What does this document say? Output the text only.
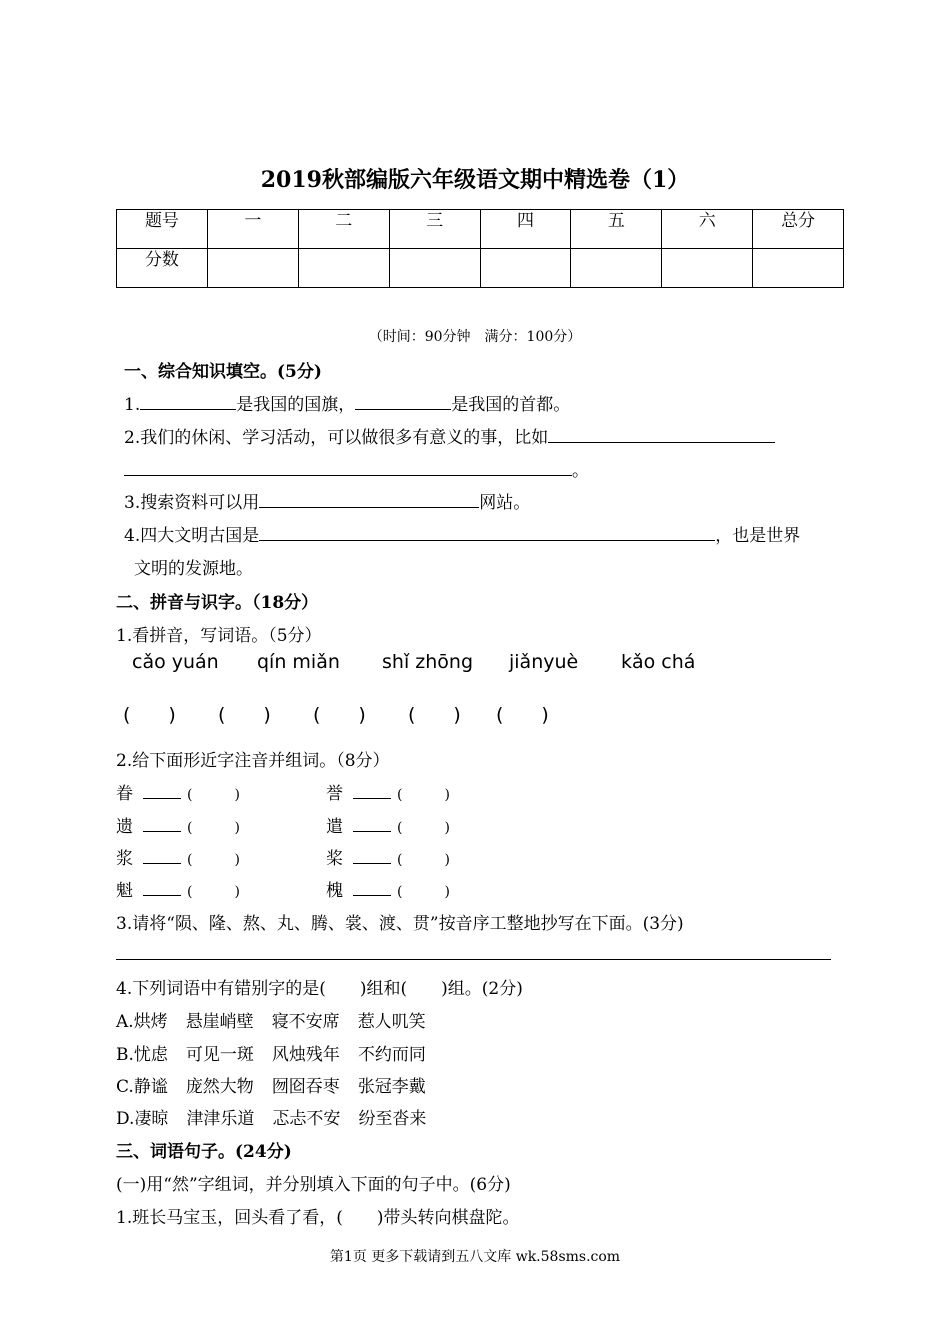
2019秋部编版六年级语文期中精选卷（1）
题号	一	二	三	四	五	六	总分
分数							
（时间：90分钟　满分：100分）
一、综合知识填空。(5分)
1.	是我国的国旗，	是我国的首都。
2.我们的休闲、学习活动，可以做很多有意义的事，比如
。
3.搜索资料可以用	网站。
4.四大文明古国是	，也是世界
文明的发源地。
二、拼音与识字。（18分）
1.看拼音，写词语。（5分）
cǎo yuán qín miǎn shǐ zhōng jiǎnyuè kǎo chá
(　　) (　　) (　　) (　　) (　　)
2.给下面形近字注音并组词。（8分）
眷	(　　　)	誉	(　　　)
遗	(　　　)	遣	(　　　)
浆	(　　　)	桨	(　　　)
魁	(　　　)	槐	(　　　)
3.请将“陨、隆、熬、丸、腾、裳、渡、贯”按音序工整地抄写在下面。(3分)
4.下列词语中有错别字的是(　　)组和(　　)组。(2分)
A.烘烤 悬崖峭壁 寝不安席 惹人叽笑
B.忧虑 可见一斑 风烛残年 不约而同
C.静谧 庞然大物 囫囵吞枣 张冠李戴
D.凄晾 津津乐道 忑忐不安 纷至沓来
三、词语句子。(24分)
(一)用“然”字组词，并分别填入下面的句子中。(6分)
1.班长马宝玉，回头看了看，(　　)带头转向棋盘陀。
第1页 更多下载请到五八文库 wk.58sms.com
